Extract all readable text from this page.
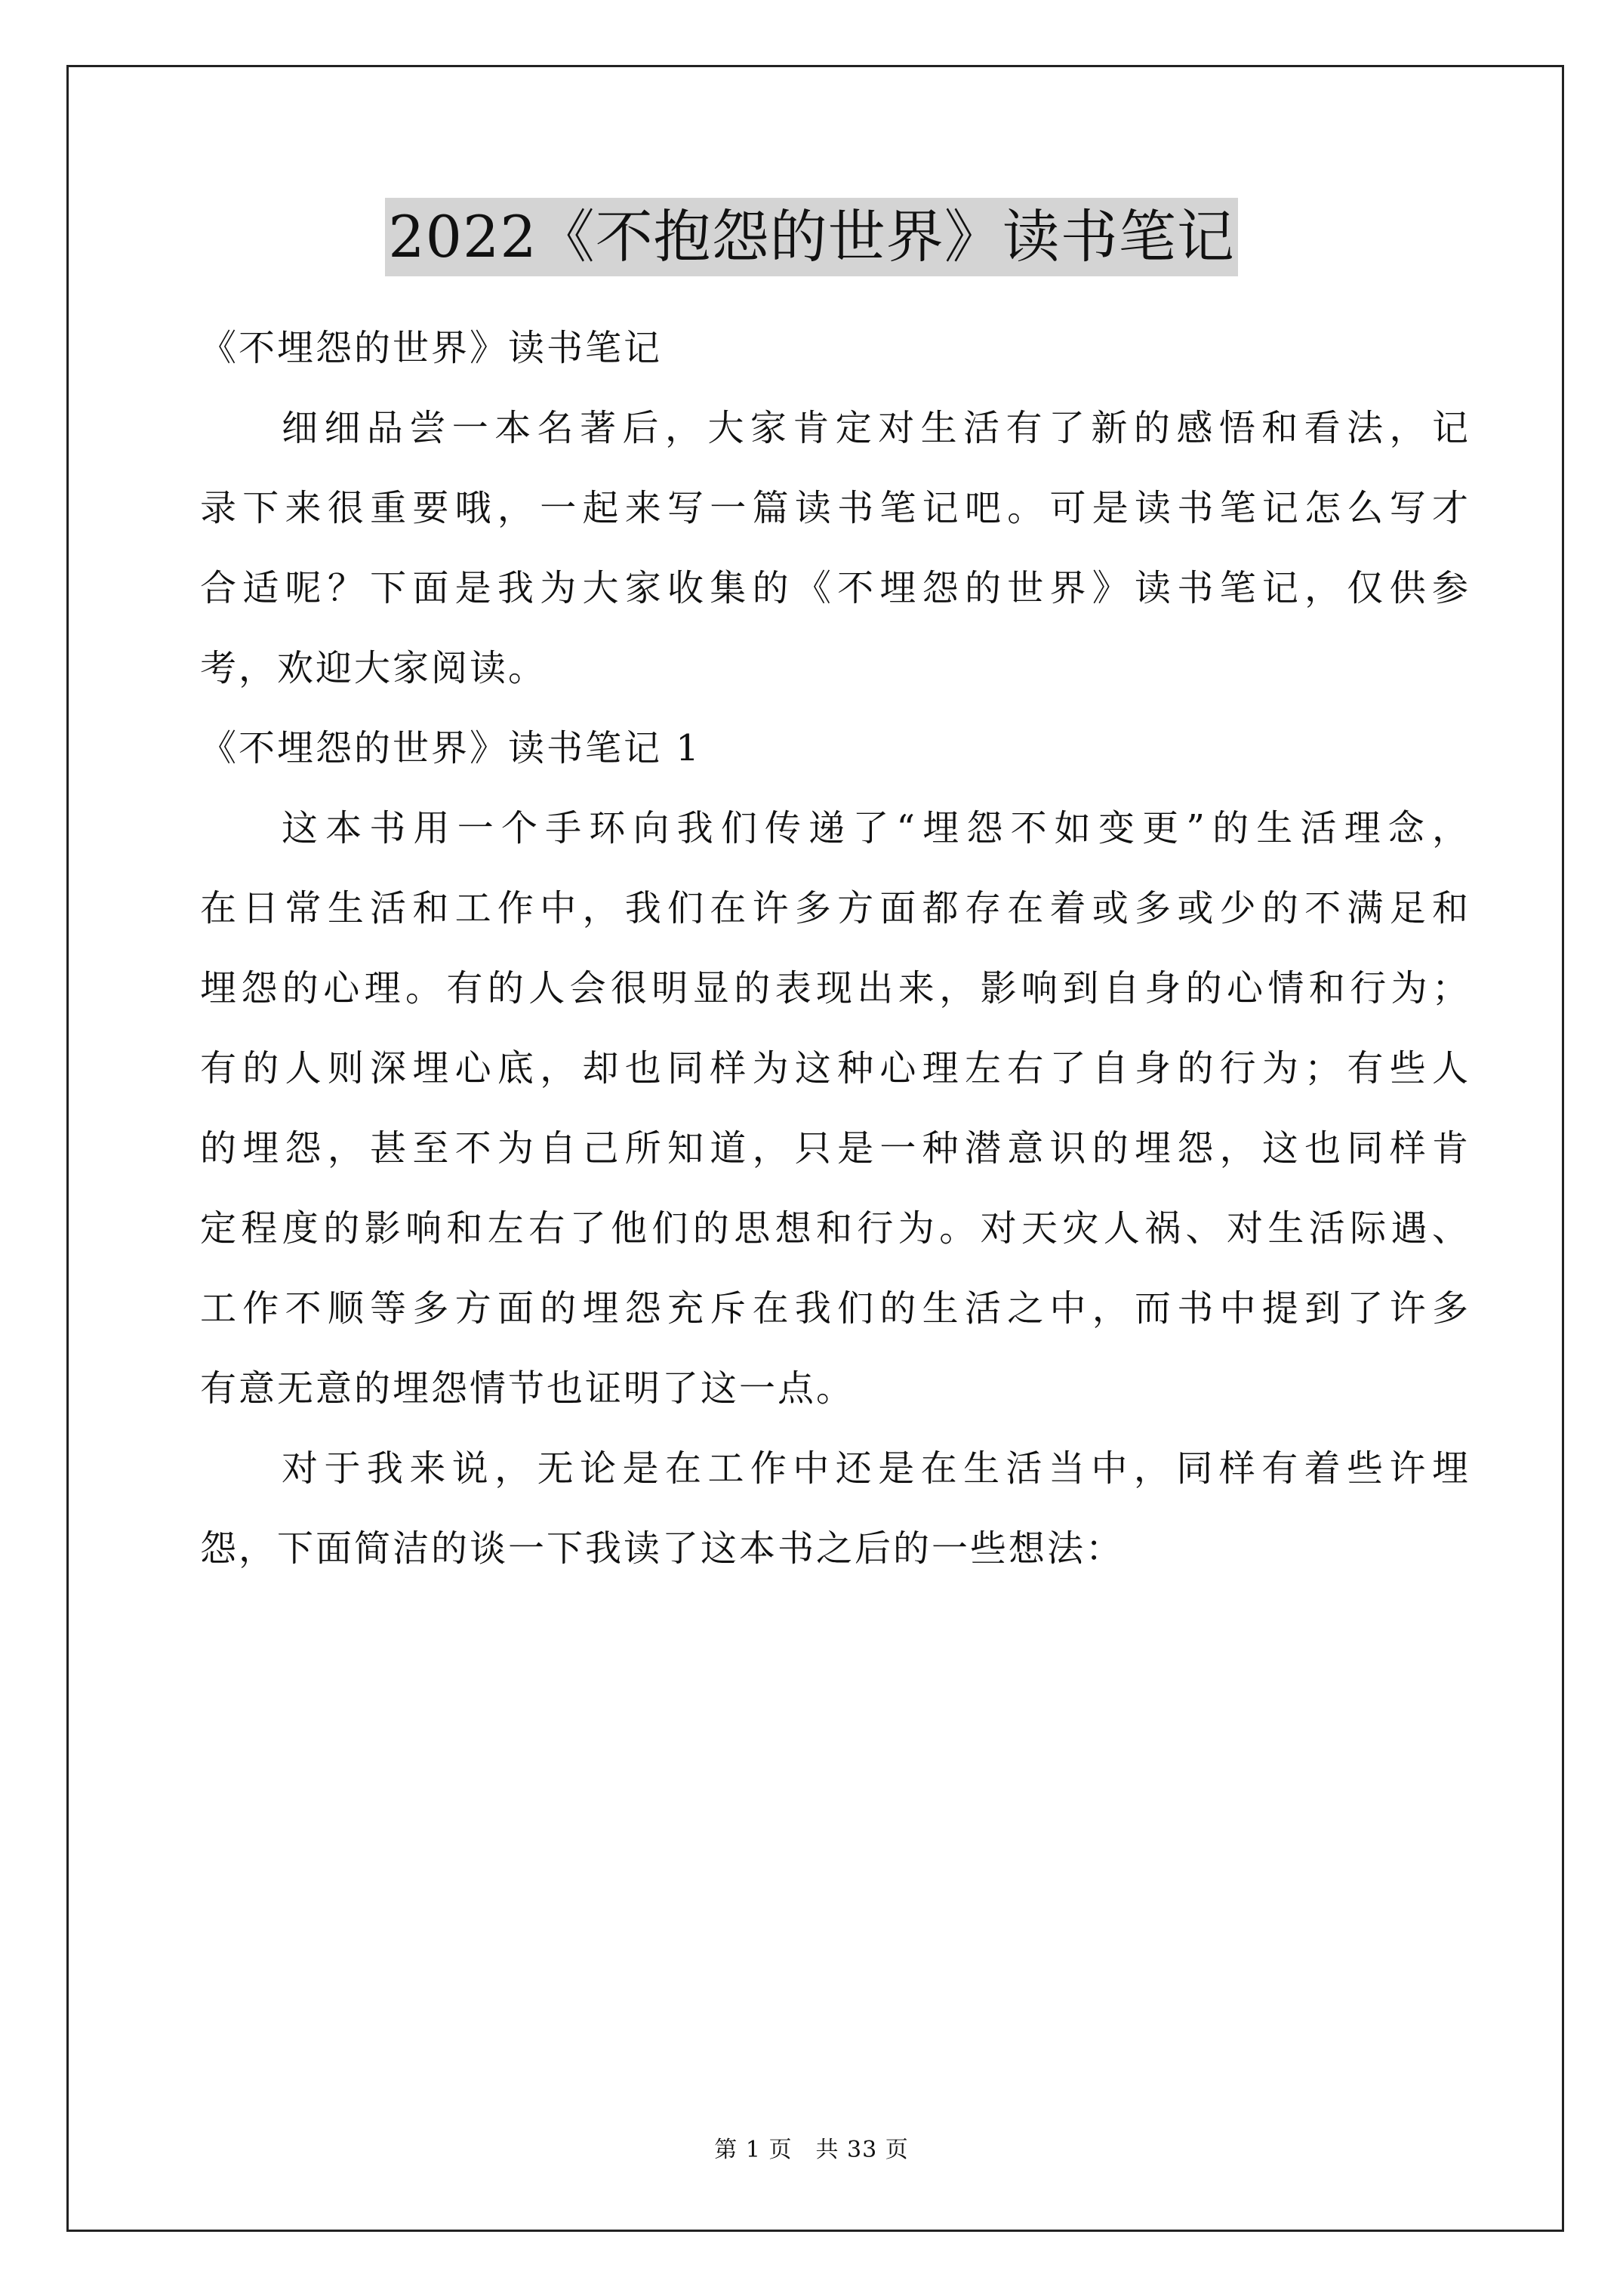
2022《不抱怨的世界》读书笔记
《不埋怨的世界》读书笔记
细细品尝一本名著后，大家肯定对生活有了新的感悟和看法，记
录下来很重要哦，一起来写一篇读书笔记吧。可是读书笔记怎么写才
合适呢？下面是我为大家收集的《不埋怨的世界》读书笔记，仅供参
考，欢迎大家阅读。
《不埋怨的世界》读书笔记 1
这本书用一个手环向我们传递了“埋怨不如变更”的生活理念，
在日常生活和工作中，我们在许多方面都存在着或多或少的不满足和
埋怨的心理。有的人会很明显的表现出来，影响到自身的心情和行为；
有的人则深埋心底，却也同样为这种心理左右了自身的行为；有些人
的埋怨，甚至不为自己所知道，只是一种潜意识的埋怨，这也同样肯
定程度的影响和左右了他们的思想和行为。对天灾人祸、对生活际遇、
工作不顺等多方面的埋怨充斥在我们的生活之中，而书中提到了许多
有意无意的埋怨情节也证明了这一点。
对于我来说，无论是在工作中还是在生活当中，同样有着些许埋
怨，下面简洁的谈一下我读了这本书之后的一些想法：
第 1 页　共 33 页
